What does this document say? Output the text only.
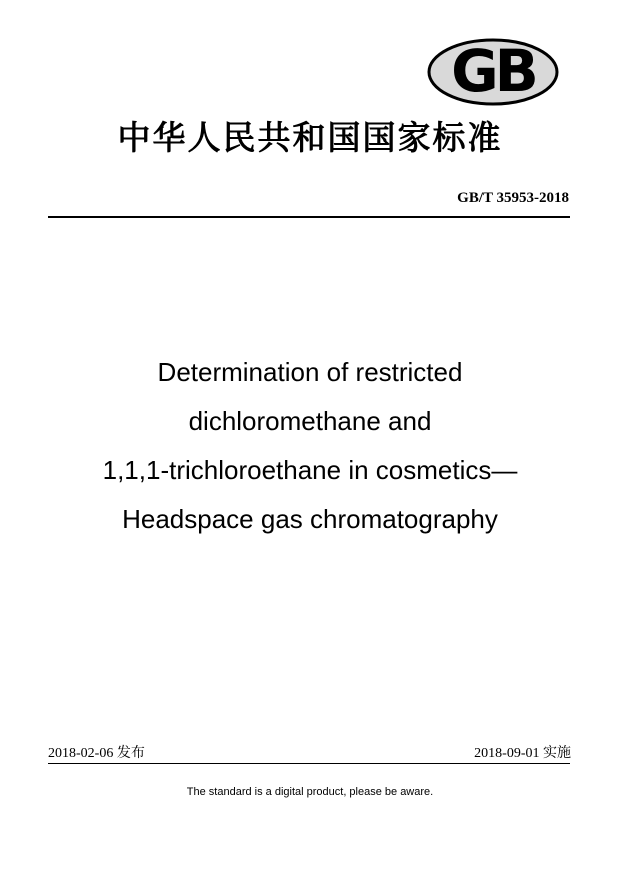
GB
中华人民共和国国家标准
GB/T 35953-2018
Determination of restricted
dichloromethane and
1,1,1-trichloroethane in cosmetics—
Headspace gas chromatography
2018-02-06 发布	2018-09-01 实施
The standard is a digital product, please be aware.
